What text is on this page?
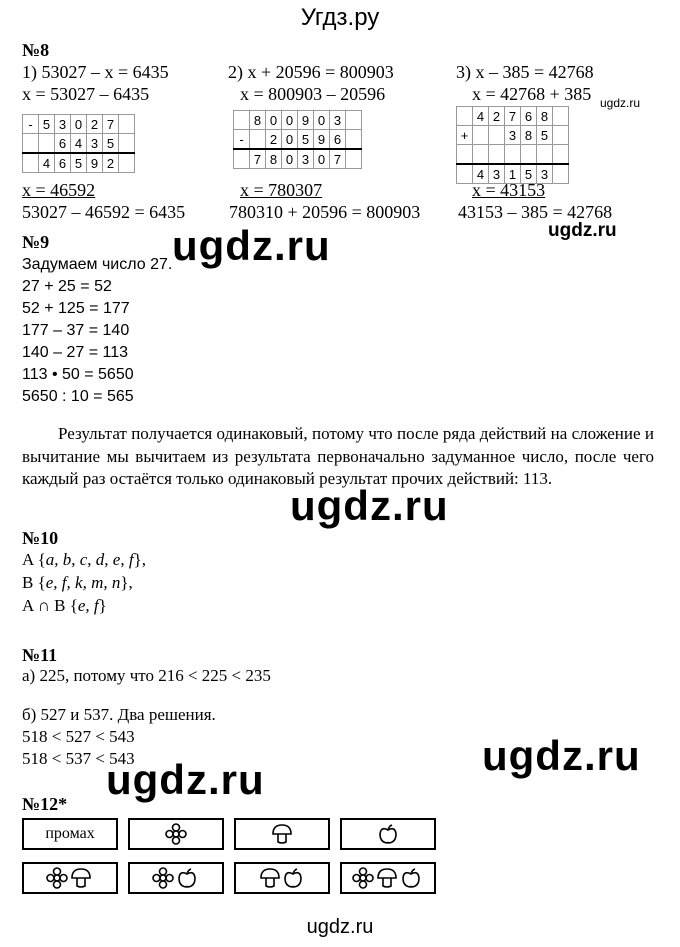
Угдз.ру
№8
1) 53027 – x = 6435
x = 53027 – 6435
2) x + 20596 = 800903
x = 800903 – 20596
3) x – 385 = 42768
x = 42768 + 385
-	5	3	0	2	7	
		6	4	3	5	
	4	6	5	9	2	
	8	0	0	9	0	3	
-		2	0	5	9	6	
	7	8	0	3	0	7	
	4	2	7	6	8	
+			3	8	5	

	4	3	1	5	3	
x = 46592
53027 – 46592 = 6435
x = 780307
780310 + 20596 = 800903
x = 43153
43153 – 385 = 42768
ugdz.ru
ugdz.ru
ugdz.ru
№9
Задумаем число 27.
27 + 25 = 52
52 + 125 = 177
177 – 37 = 140
140 – 27 = 113
113 • 50 = 5650
5650 : 10 = 565
Результат получается одинаковый, потому что после ряда действий на сложение и вычитание мы вычитаем из результата первоначально задуманное число, после чего каждый раз остаётся только одинаковый результат прочих действий: 113.
ugdz.ru
№10
A {a, b, c, d, e, f},
B {e, f, k, m, n},
A ∩ B {e, f}
№11
а) 225, потому что 216 < 225 < 235
б) 527 и 537. Два решения.
518 < 527 < 543
518 < 537 < 543	ugdz.ru
ugdz.ru
№12*
промах
ugdz.ru
